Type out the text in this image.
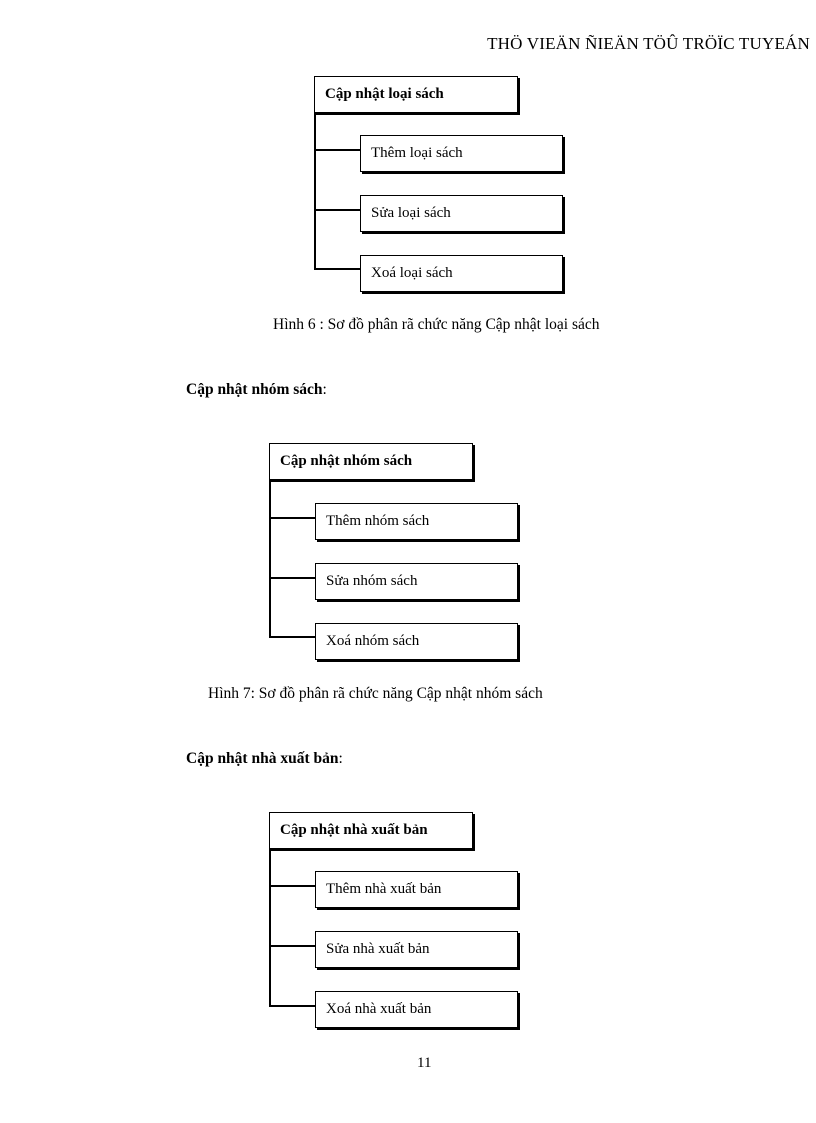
THÖ VIEÄN ÑIEÄN TÖÛ TRÖÏC TUYEÁN
Cập nhật loại sách
Thêm loại sách
Sửa loại sách
Xoá loại sách
Hình 6 : Sơ đồ phân rã chức năng Cập nhật loại sách
Cập nhật nhóm sách:
Cập nhật nhóm sách
Thêm nhóm sách
Sửa nhóm sách
Xoá nhóm sách
Hình 7: Sơ đồ phân rã chức năng Cập nhật nhóm sách
Cập nhật nhà xuất bản:
Cập nhật nhà xuất bản
Thêm nhà xuất bản
Sửa nhà xuất bản
Xoá nhà xuất bản
11
